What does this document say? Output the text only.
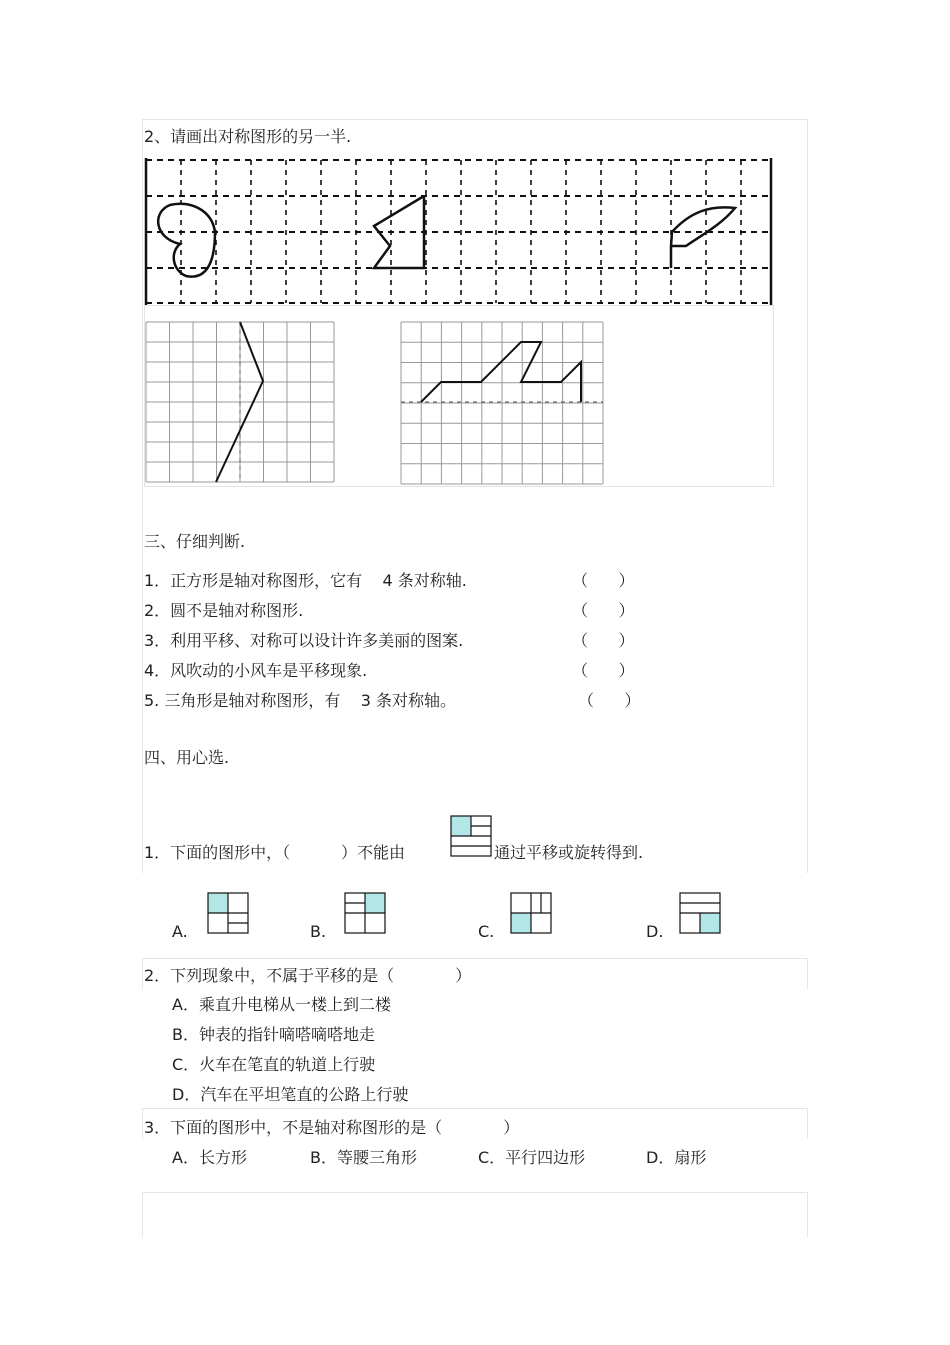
2、请画出对称图形的另一半.
三、仔细判断.
1．正方形是轴对称图形，它有    4 条对称轴.	（      ）
2．圆不是轴对称图形.	（      ）
3．利用平移、对称可以设计许多美丽的图案.	（      ）
4．风吹动的小风车是平移现象.	（      ）
5. 三角形是轴对称图形，有    3 条对称轴。	（      ）
四、用心选.
1．下面的图形中，（          ）不能由	通过平移或旋转得到.
A.	B.	C.	D.
2．下列现象中，不属于平移的是（            ）
A．乘直升电梯从一楼上到二楼
B．钟表的指针嘀嗒嘀嗒地走
C．火车在笔直的轨道上行驶
D．汽车在平坦笔直的公路上行驶
3．下面的图形中，不是轴对称图形的是（            ）
A．长方形	B．等腰三角形	C．平行四边形	D．扇形
